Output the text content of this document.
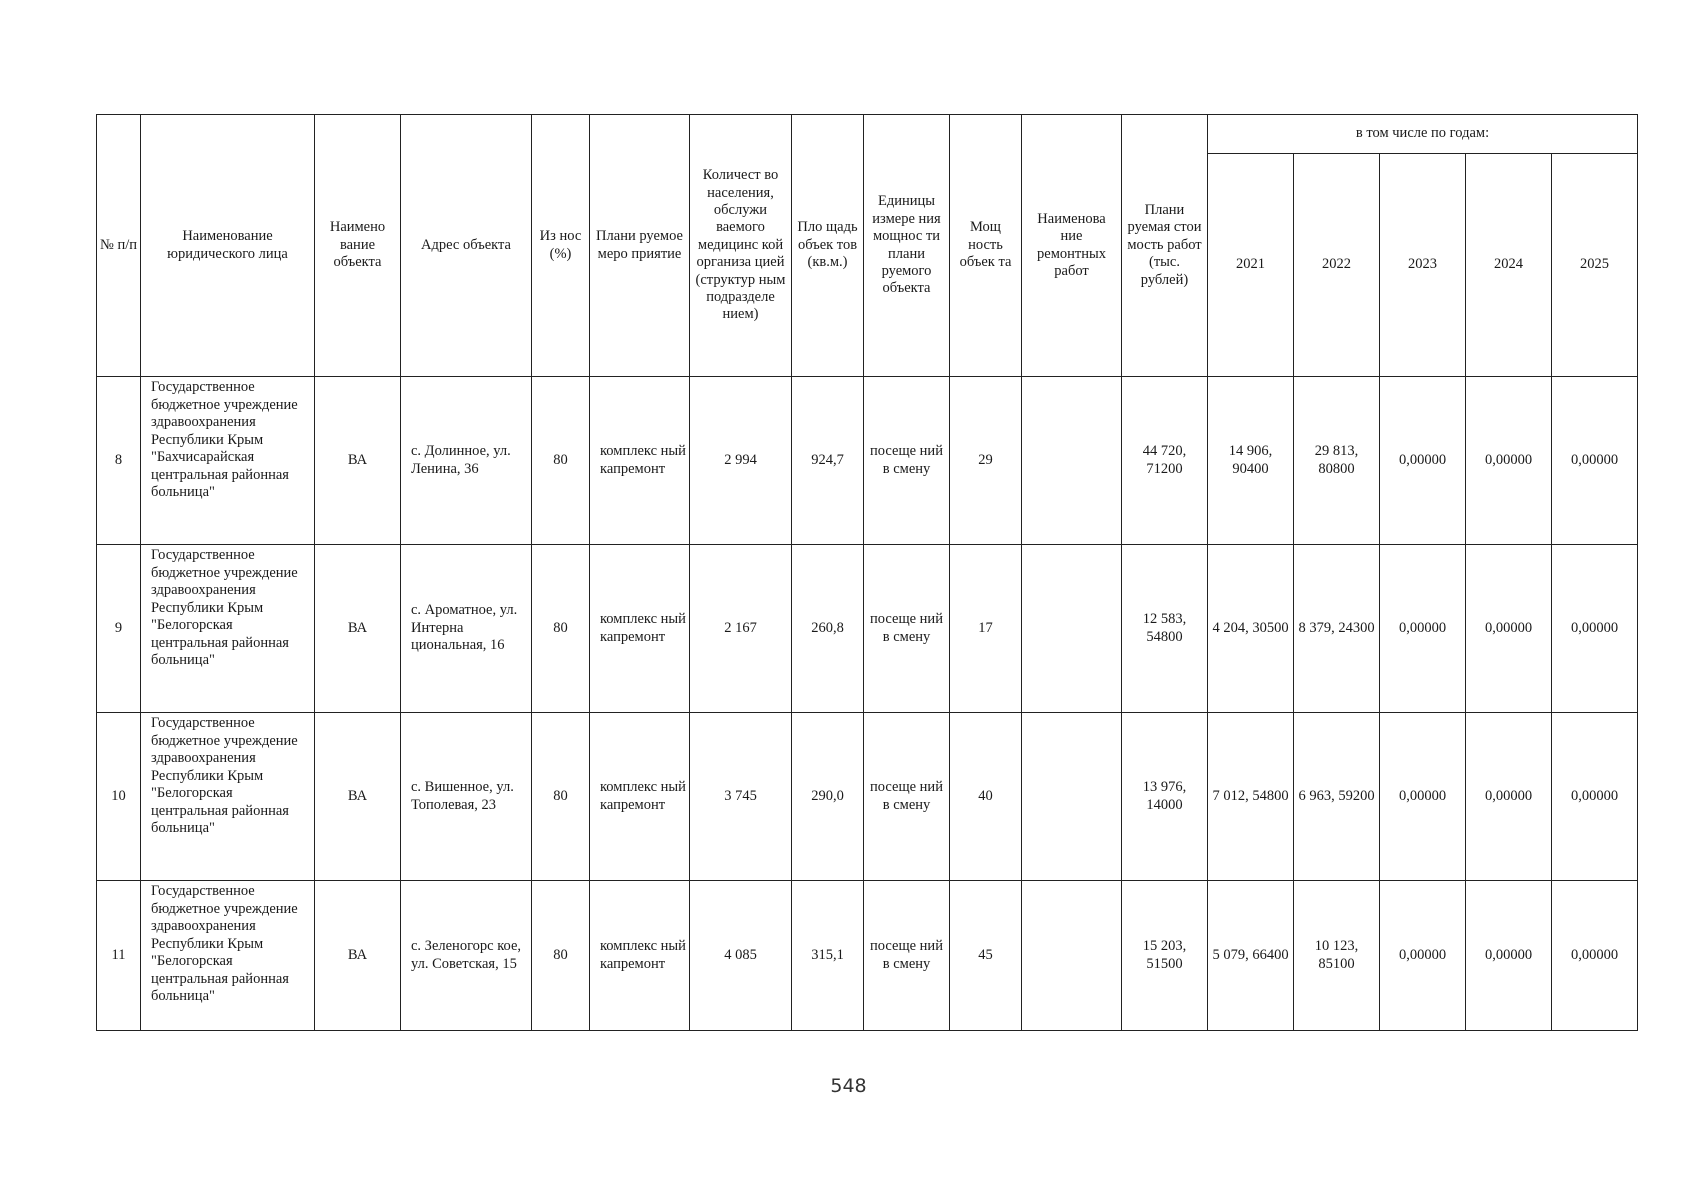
№ п/п	Наименование юридического лица	Наимено вание объекта	Адрес объекта	Из нос (%)	Плани руемое меро приятие	Количест во населения, обслужи ваемого медицинс кой организа цией (структур ным подразделе нием)	Пло щадь объек тов (кв.м.)	Единицы измере ния мощнос ти плани руемого объекта	Мощ ность объек та	Наименова ние ремонтных работ	Плани руемая стои мость работ (тыс. рублей)	в том числе по годам:				
												2021	2022	2023	2024	2025
8	Государственное бюджетное учреждение здравоохранения Республики Крым "Бахчисарайская центральная районная больница"	ВА	с. Долинное, ул. Ленина, 36	80	комплекс ный капремонт	2 994	924,7	посеще ний в смену	29		44 720, 71200	14 906, 90400	29 813, 80800	0,00000	0,00000	0,00000
9	Государственное бюджетное учреждение здравоохранения Республики Крым "Белогорская центральная районная больница"	ВА	с. Ароматное, ул. Интерна циональная, 16	80	комплекс ный капремонт	2 167	260,8	посеще ний в смену	17		12 583, 54800	4 204, 30500	8 379, 24300	0,00000	0,00000	0,00000
10	Государственное бюджетное учреждение здравоохранения Республики Крым "Белогорская центральная районная больница"	ВА	с. Вишенное, ул. Тополевая, 23	80	комплекс ный капремонт	3 745	290,0	посеще ний в смену	40		13 976, 14000	7 012, 54800	6 963, 59200	0,00000	0,00000	0,00000
11	Государственное бюджетное учреждение здравоохранения Республики Крым "Белогорская центральная районная больница"	ВА	с. Зеленогорс кое, ул. Советская, 15	80	комплекс ный капремонт	4 085	315,1	посеще ний в смену	45		15 203, 51500	5 079, 66400	10 123, 85100	0,00000	0,00000	0,00000
548
